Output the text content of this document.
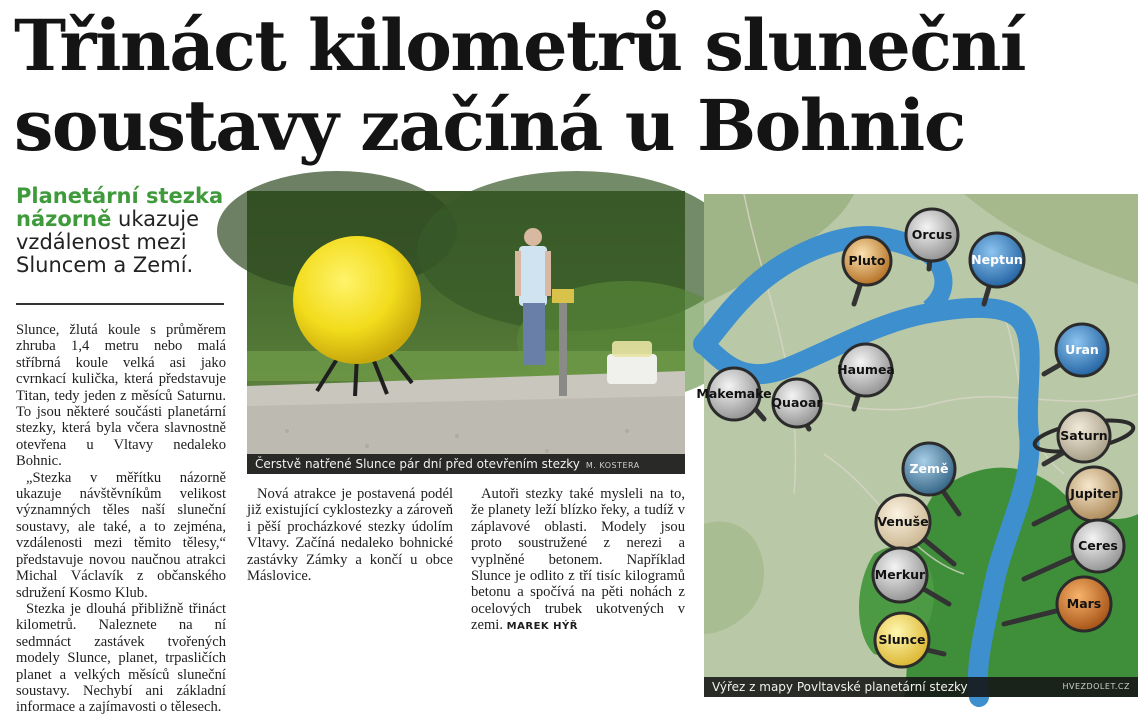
Třináct kilometrů sluneční
soustavy začíná u Bohnic
Planetární stezka názorně ukazuje vzdálenost mezi Sluncem a Zemí.

Slunce, žlutá koule s průměrem zhruba 1,4 metru nebo malá stříbrná koule velká asi jako cvrnkací kulička, která představuje Titan, tedy jeden z měsíců Saturnu. To jsou některé součásti planetární stezky, která byla včera slavnostně otevřena u Vltavy nedaleko Bohnic.

„Stezka v měřítku názorně ukazuje návštěvníkům velikost významných těles naší sluneční soustavy, ale také, a to zejména, vzdálenosti mezi těmito tělesy,“ představuje novou naučnou atrakci Michal Václavík z občanského sdružení Kosmo Klub.

Stezka je dlouhá přibližně třináct kilometrů. Naleznete na ní sedmnáct zastávek tvořených modely Slunce, planet, trpasličích planet a velkých měsíců sluneční soustavy. Nechybí ani základní informace a zajímavosti o tělesech.

Nová atrakce je postavená podél již existující cyklostezky a zároveň i pěší procházkové stezky údolím Vltavy. Začíná nedaleko bohnické zastávky Zámky a končí u obce Máslovice.

Autoři stezky také mysleli na to, že planety leží blízko řeky, a tudíž v záplavové oblasti. Modely jsou proto soustružené z nerezi a vyplněné betonem. Například Slunce je odlito z tří tisíc kilogramů betonu a spočívá na pěti nohách z ocelových trubek ukotvených v zemi. MAREK HÝŘ

Čerstvě natřené Slunce pár dní před otevřením stezky M. KOSTERA
Pluto
Orcus
Neptun
Uran
Haumea
Makemake
Quaoar
Saturn
Země
Jupiter
Venuše
Ceres
Merkur
Mars
Slunce
Výřez z mapy Povltavské planetární stezky	HVEZDOLET.CZ
